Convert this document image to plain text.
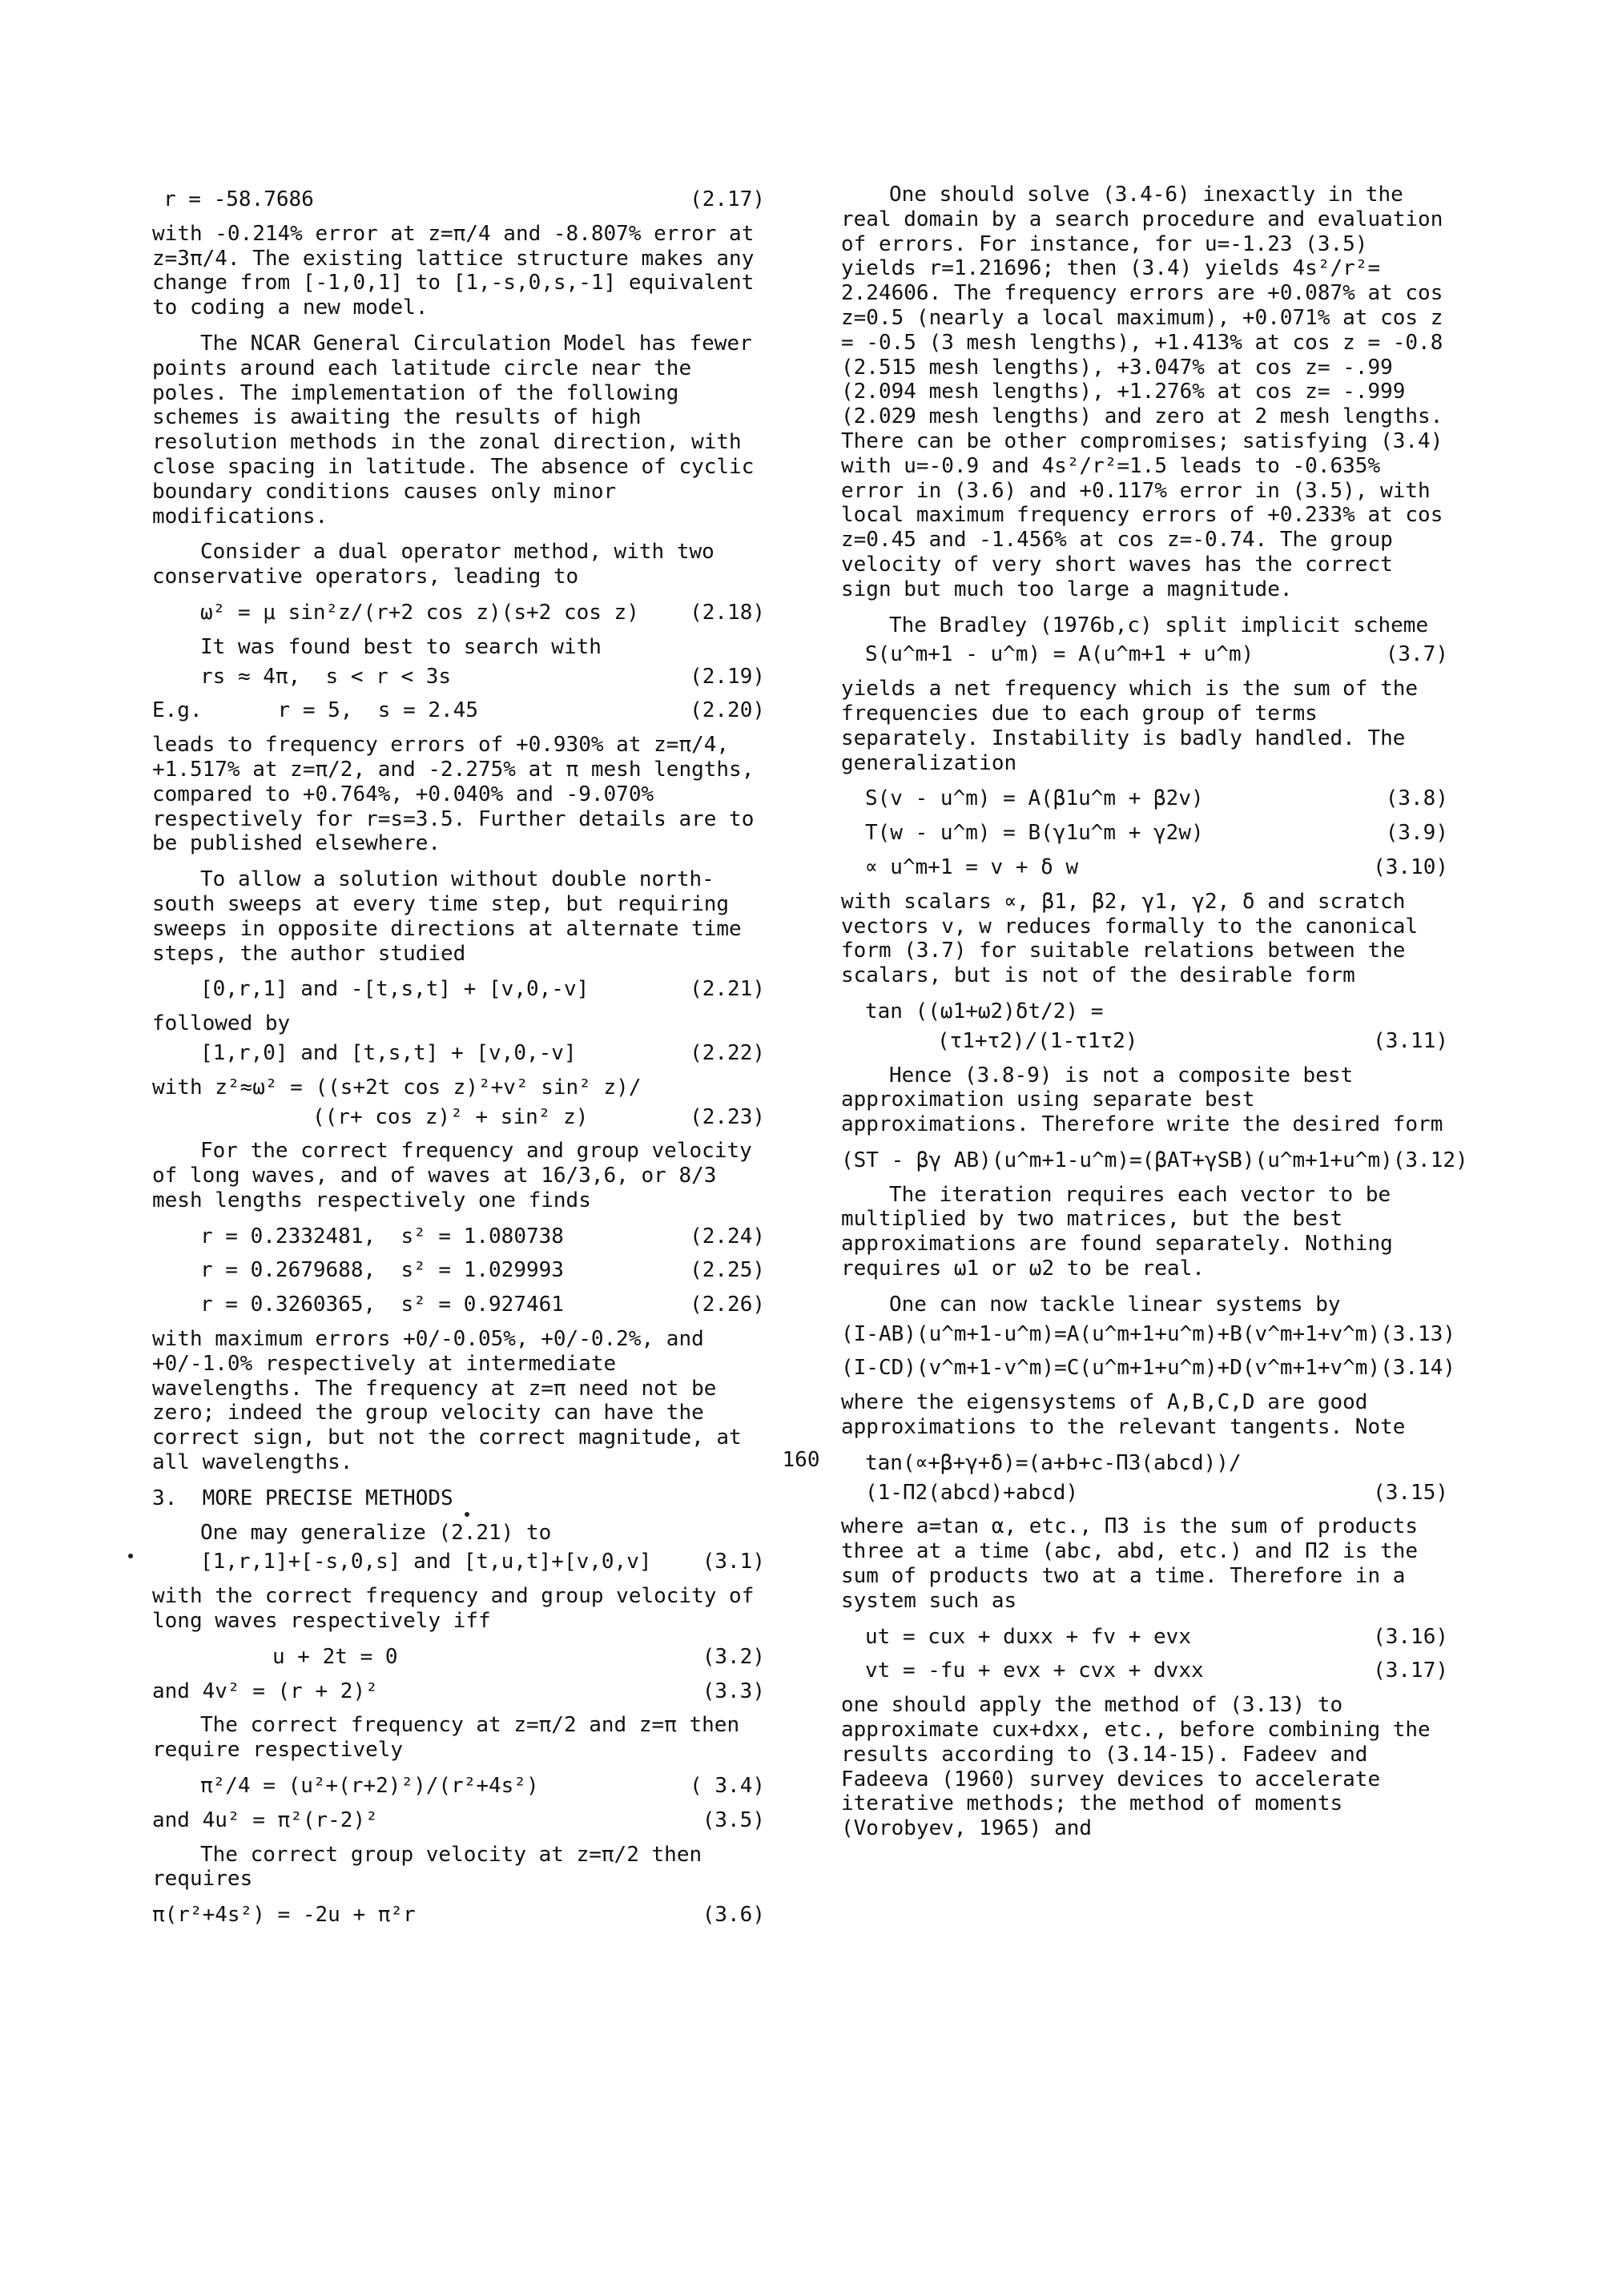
r = -58.7686	(2.17)

with -0.214% error at z=π/4 and -8.807% error at z=3π/4. The existing lattice structure makes any change from [-1,0,1] to [1,-s,0,s,-1] equivalent to coding a new model.

The NCAR General Circulation Model has fewer points around each latitude circle near the poles. The implementation of the following schemes is awaiting the results of high resolution methods in the zonal direction, with close spacing in latitude. The absence of cyclic boundary conditions causes only minor modifications.

Consider a dual operator method, with two conservative operators, leading to

ω² = μ sin²z/(r+2 cos z)(s+2 cos z) (2.18)

It was found best to search with

rs ≈ 4π,  s < r < 3s	(2.19)
E.g.      r = 5,  s = 2.45	(2.20)

leads to frequency errors of +0.930% at z=π/4, +1.517% at z=π/2, and -2.275% at π mesh lengths, compared to +0.764%, +0.040% and -9.070% respectively for r=s=3.5. Further details are to be published elsewhere.

To allow a solution without double north-south sweeps at every time step, but requiring sweeps in opposite directions at alternate time steps, the author studied

[0,r,1] and -[t,s,t] + [v,0,-v]	(2.21)

followed by

[1,r,0] and [t,s,t] + [v,0,-v]	(2.22)
with z²≈ω² = ((s+2t cos z)²+v² sin² z)/
((r+ cos z)² + sin² z)	(2.23)

For the correct frequency and group velocity of long waves, and of waves at 16/3,6, or 8/3 mesh lengths respectively one finds

r = 0.2332481,  s² = 1.080738	(2.24)
r = 0.2679688,  s² = 1.029993	(2.25)
r = 0.3260365,  s² = 0.927461	(2.26)

with maximum errors +0/-0.05%, +0/-0.2%, and +0/-1.0% respectively at intermediate wavelengths. The frequency at z=π need not be zero; indeed the group velocity can have the correct sign, but not the correct magnitude, at all wavelengths.

3.  MORE PRECISE METHODS

One may generalize (2.21) to

[1,r,1]+[-s,0,s] and [t,u,t]+[v,0,v] (3.1)

with the correct frequency and group velocity of long waves respectively iff

u + 2t = 0	(3.2)
and 4v² = (r + 2)²	(3.3)

The correct frequency at z=π/2 and z=π then require respectively

π²/4 = (u²+(r+2)²)/(r²+4s²)	( 3.4)
and 4u² = π²(r-2)²	(3.5)

The correct group velocity at z=π/2 then requires

π(r²+4s²) = -2u + π²r	(3.6)

One should solve (3.4-6) inexactly in the real domain by a search procedure and evaluation of errors. For instance, for u=-1.23 (3.5) yields r=1.21696; then (3.4) yields 4s²/r²= 2.24606. The frequency errors are +0.087% at cos z=0.5 (nearly a local maximum), +0.071% at cos z = -0.5 (3 mesh lengths), +1.413% at cos z = -0.8 (2.515 mesh lengths), +3.047% at cos z= -.99 (2.094 mesh lengths), +1.276% at cos z= -.999 (2.029 mesh lengths) and zero at 2 mesh lengths. There can be other compromises; satisfying (3.4) with u=-0.9 and 4s²/r²=1.5 leads to -0.635% error in (3.6) and +0.117% error in (3.5), with local maximum frequency errors of +0.233% at cos z=0.45 and -1.456% at cos z=-0.74. The group velocity of very short waves has the correct sign but much too large a magnitude.

The Bradley (1976b,c) split implicit scheme

S(u^m+1 - u^m) = A(u^m+1 + u^m)	(3.7)

yields a net frequency which is the sum of the frequencies due to each group of terms separately. Instability is badly handled. The generalization

S(v - u^m) = A(β1u^m + β2v)	(3.8)
T(w - u^m) = B(γ1u^m + γ2w)	(3.9)
∝ u^m+1 = v + δ w	(3.10)

with scalars ∝, β1, β2, γ1, γ2, δ and scratch vectors v, w reduces formally to the canonical form (3.7) for suitable relations between the scalars, but is not of the desirable form

tan ((ω1+ω2)δt/2) =
(τ1+τ2)/(1-τ1τ2)	(3.11)

Hence (3.8-9) is not a composite best approximation using separate best approximations. Therefore write the desired form

(ST - βγ AB)(u^m+1-u^m)=(βAT+γSB)(u^m+1+u^m) (3.12)

The iteration requires each vector to be multiplied by two matrices, but the best approximations are found separately. Nothing requires ω1 or ω2 to be real.

One can now tackle linear systems by

(I-AB)(u^m+1-u^m)=A(u^m+1+u^m)+B(v^m+1+v^m) (3.13)
(I-CD)(v^m+1-v^m)=C(u^m+1+u^m)+D(v^m+1+v^m) (3.14)

where the eigensystems of A,B,C,D are good approximations to the relevant tangents. Note

tan(∝+β+γ+δ)=(a+b+c-Π3(abcd))/
(1-Π2(abcd)+abcd)	(3.15)

where a=tan α, etc., Π3 is the sum of products three at a time (abc, abd, etc.) and Π2 is the sum of products two at a time. Therefore in a system such as

ut = cux + duxx + fv + evx	(3.16)
vt = -fu + evx + cvx + dvxx	(3.17)

one should apply the method of (3.13) to approximate cux+dxx, etc., before combining the results according to (3.14-15). Fadeev and Fadeeva (1960) survey devices to accelerate iterative methods; the method of moments (Vorobyev, 1965) and

160
